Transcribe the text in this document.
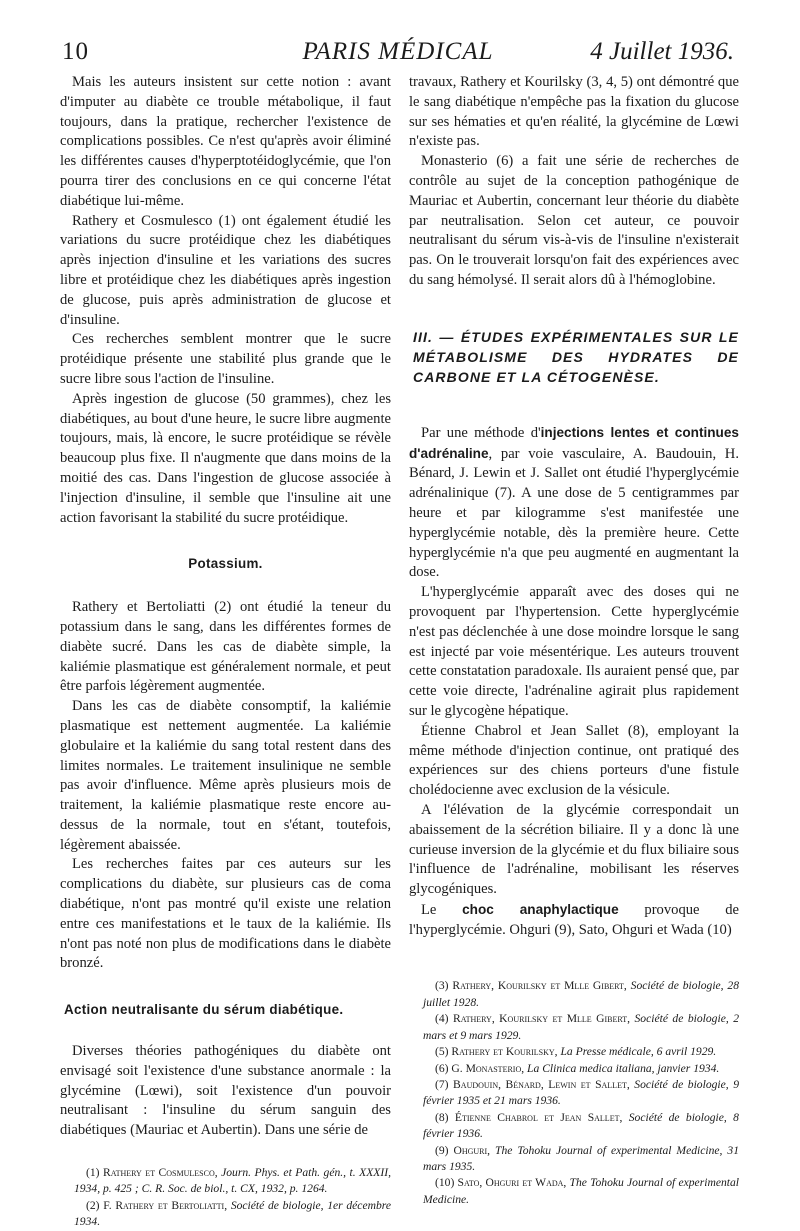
10	PARIS MÉDICAL	4 Juillet 1936.

Mais les auteurs insistent sur cette notion : avant d'imputer au diabète ce trouble métabolique, il faut toujours, dans la pratique, rechercher l'existence de complications possibles. Ce n'est qu'après avoir éliminé les différentes causes d'hyperptotéidoglycémie, que l'on pourra tirer des conclusions en ce qui concerne l'état diabétique lui-même.

Rathery et Cosmulesco (1) ont également étudié les variations du sucre protéidique chez les diabétiques après injection d'insuline et les variations des sucres libre et protéidique chez les diabétiques après ingestion de glucose, puis après administration de glucose et d'insuline.

Ces recherches semblent montrer que le sucre protéidique présente une stabilité plus grande que le sucre libre sous l'action de l'insuline.

Après ingestion de glucose (50 grammes), chez les diabétiques, au bout d'une heure, le sucre libre augmente toujours, mais, là encore, le sucre protéidique se révèle beaucoup plus fixe. Il n'augmente que dans moins de la moitié des cas. Dans l'ingestion de glucose associée à l'injection d'insuline, il semble que l'insuline ait une action favorisant la stabilité du sucre protéidique.

Potassium.

Rathery et Bertoliatti (2) ont étudié la teneur du potassium dans le sang, dans les différentes formes de diabète sucré. Dans les cas de diabète simple, la kaliémie plasmatique est généralement normale, et peut être parfois légèrement augmentée.

Dans les cas de diabète consomptif, la kaliémie plasmatique est nettement augmentée. La kaliémie globulaire et la kaliémie du sang total restent dans des limites normales. Le traitement insulinique ne semble pas avoir d'influence. Même après plusieurs mois de traitement, la kaliémie plasmatique reste encore au-dessus de la normale, tout en s'étant, toutefois, légèrement abaissée.

Les recherches faites par ces auteurs sur les complications du diabète, sur plusieurs cas de coma diabétique, n'ont pas montré qu'il existe une relation entre ces manifestations et le taux de la kaliémie. Ils n'ont pas noté non plus de modifications dans le diabète bronzé.

Action neutralisante du sérum diabétique.

Diverses théories pathogéniques du diabète ont envisagé soit l'existence d'une substance anormale : la glycémine (Lœwi), soit l'existence d'un pouvoir neutralisant : l'insuline du sérum sanguin des diabétiques (Mauriac et Aubertin). Dans une série de

(1) Rathery et Cosmulesco, Journ. Phys. et Path. gén., t. XXXII, 1934, p. 425 ; C. R. Soc. de biol., t. CX, 1932, p. 1264.

(2) F. Rathery et Bertoliatti, Société de biologie, 1er décembre 1934.

travaux, Rathery et Kourilsky (3, 4, 5) ont démontré que le sang diabétique n'empêche pas la fixation du glucose sur ses hématies et qu'en réalité, la glycémine de Lœwi n'existe pas.

Monasterio (6) a fait une série de recherches de contrôle au sujet de la conception pathogénique de Mauriac et Aubertin, concernant leur théorie du diabète par neutralisation. Selon cet auteur, ce pouvoir neutralisant du sérum vis-à-vis de l'insuline n'existerait pas. On le trouverait lorsqu'on fait des expériences avec du sang hémolysé. Il serait alors dû à l'hémoglobine.

III. — ÉTUDES EXPÉRIMENTALES SUR LE MÉTABOLISME DES HYDRATES DE CARBONE ET LA CÉTOGENÈSE.

Par une méthode d'injections lentes et continues d'adrénaline, par voie vasculaire, A. Baudouin, H. Bénard, J. Lewin et J. Sallet ont étudié l'hyperglycémie adrénalinique (7). A une dose de 5 centigrammes par heure et par kilogramme s'est manifestée une hyperglycémie notable, dès la première heure. Cette hyperglycémie n'a que peu augmenté en augmentant la dose.

L'hyperglycémie apparaît avec des doses qui ne provoquent par l'hypertension. Cette hyperglycémie n'est pas déclenchée à une dose moindre lorsque le sang est injecté par voie mésentérique. Les auteurs trouvent cette constatation paradoxale. Ils auraient pensé que, par cette voie directe, l'adrénaline agirait plus rapidement sur le glycogène hépatique.

Étienne Chabrol et Jean Sallet (8), employant la même méthode d'injection continue, ont pratiqué des expériences sur des chiens porteurs d'une fistule cholédocienne avec exclusion de la vésicule.

A l'élévation de la glycémie correspondait un abaissement de la sécrétion biliaire. Il y a donc là une curieuse inversion de la glycémie et du flux biliaire sous l'influence de l'adrénaline, mobilisant les réserves glycogéniques.

Le choc anaphylactique provoque de l'hyperglycémie. Ohguri (9), Sato, Ohguri et Wada (10)

(3) Rathery, Kourilsky et Mlle Gibert, Société de biologie, 28 juillet 1928.

(4) Rathery, Kourilsky et Mlle Gibert, Société de biologie, 2 mars et 9 mars 1929.

(5) Rathery et Kourilsky, La Presse médicale, 6 avril 1929.

(6) G. Monasterio, La Clinica medica italiana, janvier 1934.

(7) Baudouin, Bénard, Lewin et Sallet, Société de biologie, 9 février 1935 et 21 mars 1936.

(8) Étienne Chabrol et Jean Sallet, Société de biologie, 8 février 1936.

(9) Ohguri, The Tohoku Journal of experimental Medicine, 31 mars 1935.

(10) Sato, Ohguri et Wada, The Tohoku Journal of experimental Medicine.
